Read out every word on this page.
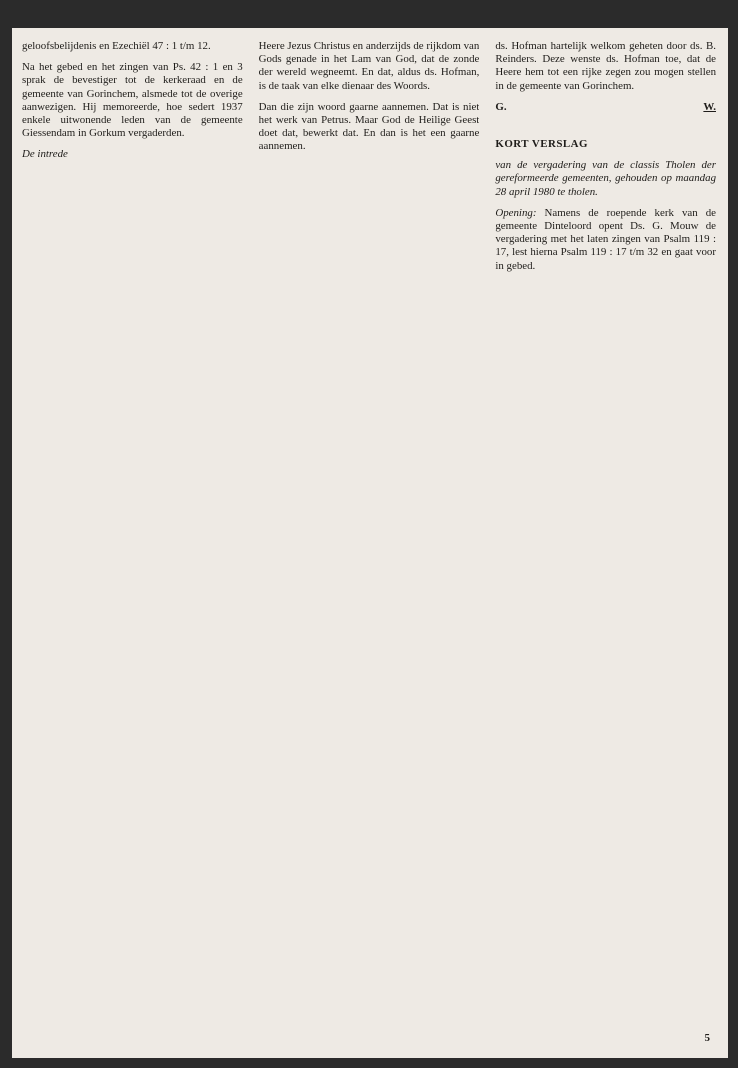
geloofsbelijdenis en Ezechiël 47 : 1 t/m 12.

Na het gebed en het zingen van Ps. 42 : 1 en 3 sprak de bevestiger tot de kerkeraad en de gemeente van Gorinchem, alsmede tot de overige aanwezigen. Hij memoreerde, hoe sedert 1937 enkele uitwonende leden van de gemeente Giessendam in Gorkum vergaderden.

De intrede

Heere Jezus Christus en anderzijds de rijkdom van Gods genade in het Lam van God, dat de zonde der wereld wegneemt. En dat, aldus ds. Hofman, is de taak van elke dienaar des Woords.

Dan die zijn woord gaarne aannemen. Dat is niet het werk van Petrus. Maar God de Heilige Geest doet dat, bewerkt dat. En dan is het een gaarne aannemen.

ds. Hofman hartelijk welkom geheten door ds. B. Reinders. Deze wenste ds. Hofman toe, dat de Heere hem tot een rijke zegen zou mogen stellen in de gemeente van Gorinchem.

G.	W.

KORT VERSLAG

van de vergadering van de classis Tholen der gereformeerde gemeenten, gehouden op maandag 28 april 1980 te tholen.

Opening: Namens de roepende kerk van de gemeente Dinteloord opent Ds. G. Mouw de vergadering met het laten zingen van Psalm 119 : 17, lest hierna Psalm 119 : 17 t/m 32 en gaat voor in gebed.

5
